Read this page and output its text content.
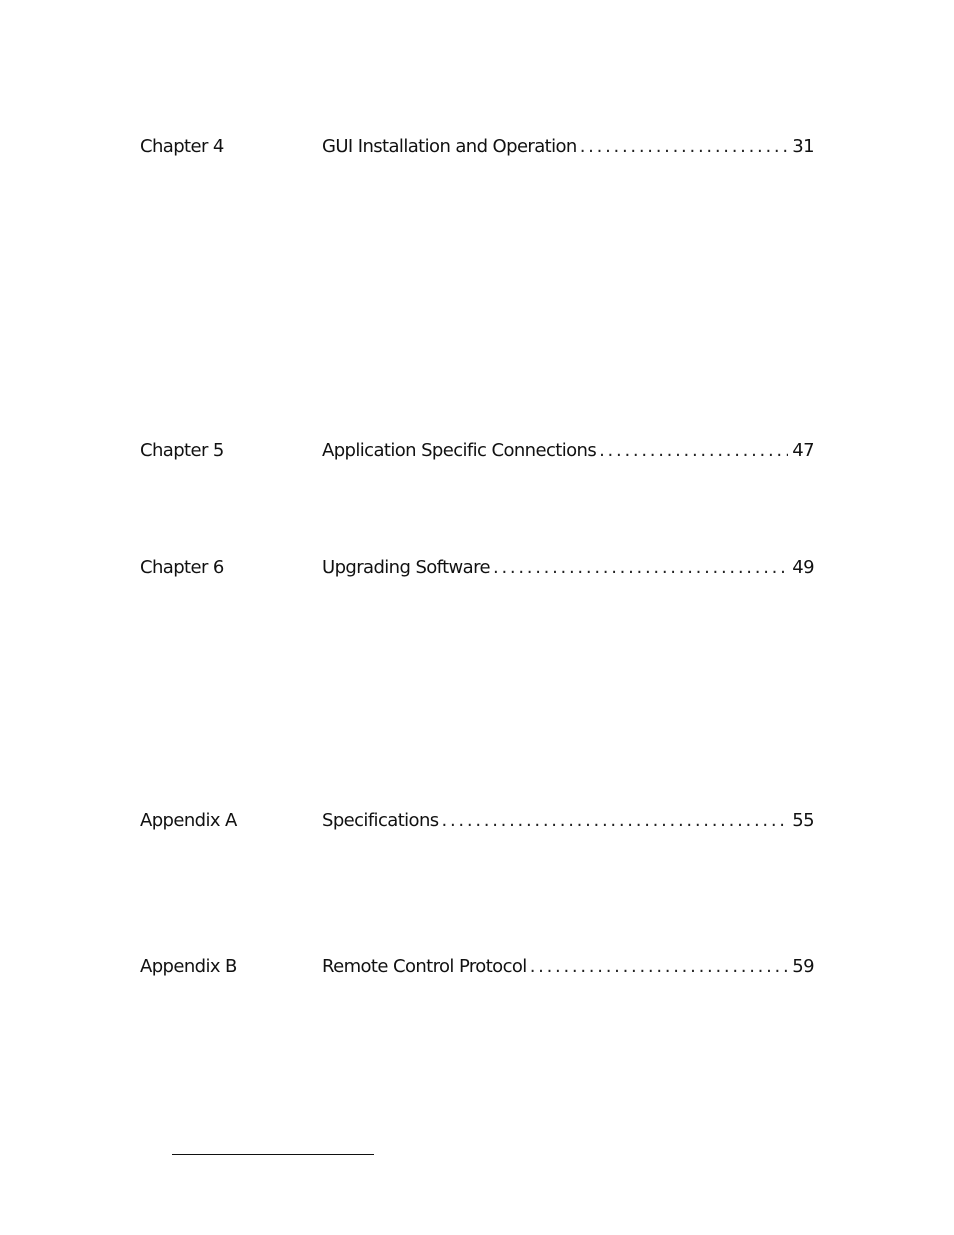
Chapter 4	GUI Installation and Operation . . .	31
Chapter 5	Application Specific Connections . . .	47
Chapter 6	Upgrading Software . . .	49
Appendix A	Specifications . . .	55
Appendix B	Remote Control Protocol . . .	59
